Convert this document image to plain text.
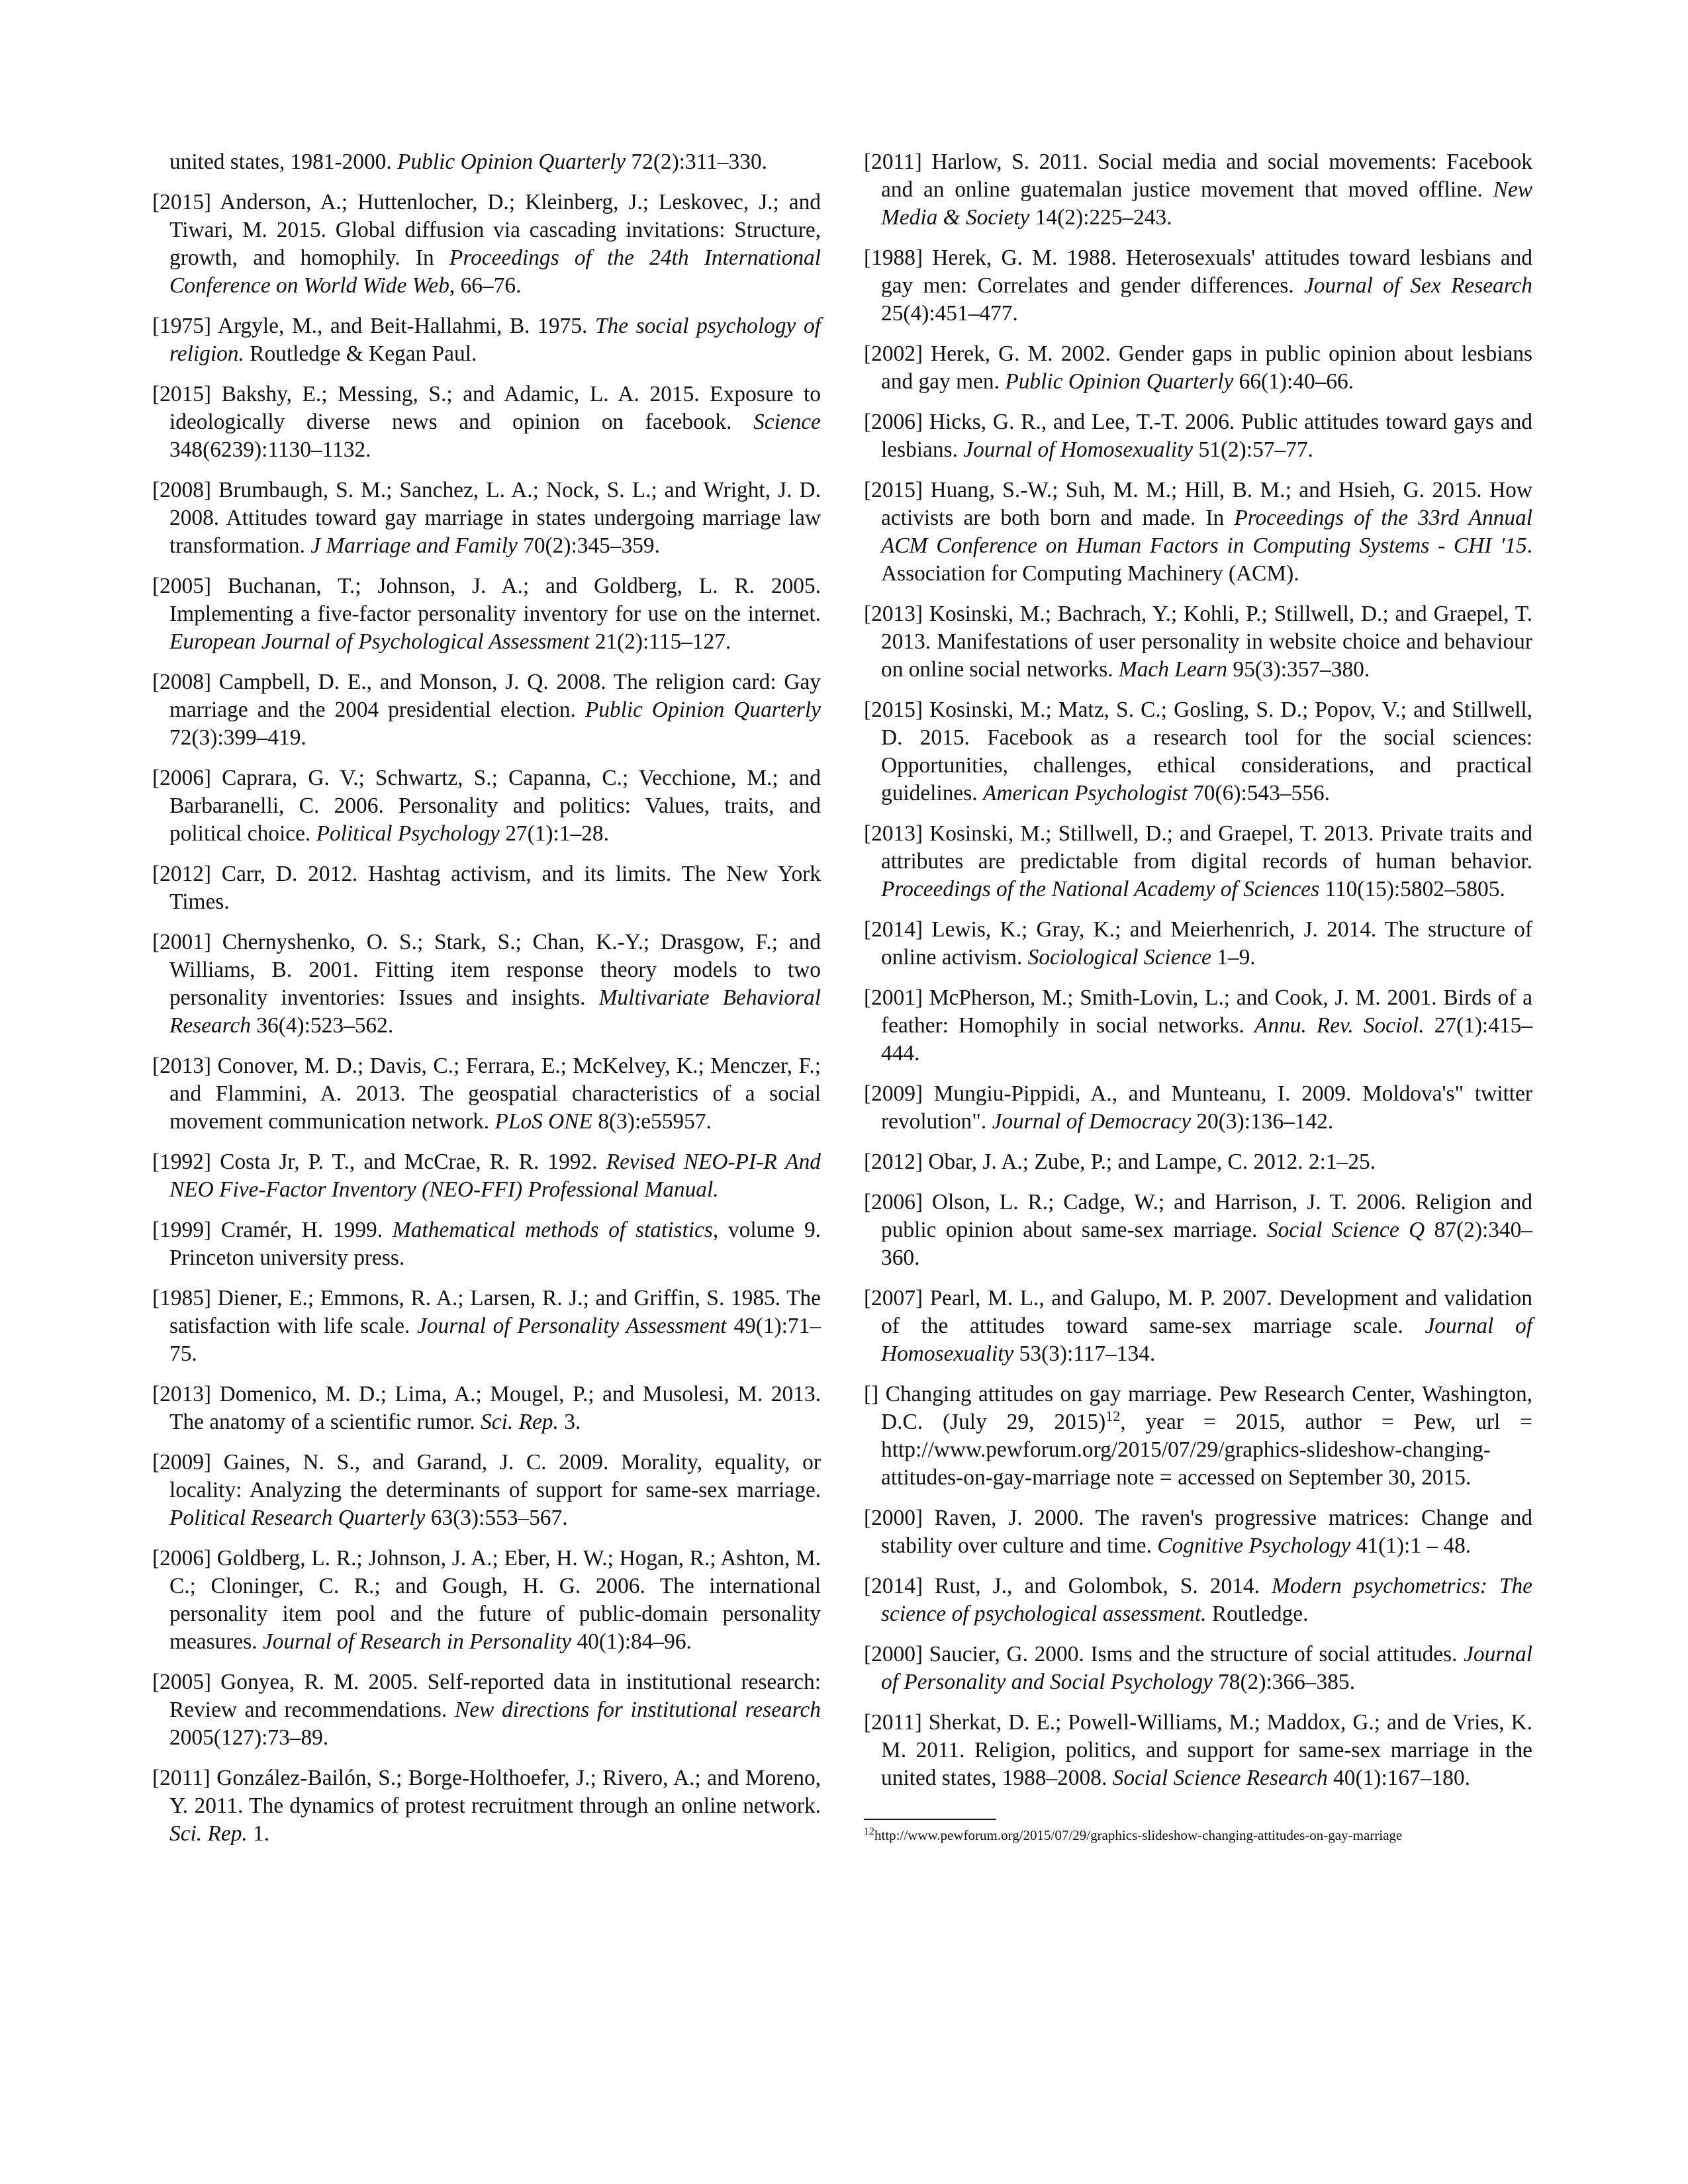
united states, 1981-2000. Public Opinion Quarterly 72(2):311–330.

[2015] Anderson, A.; Huttenlocher, D.; Kleinberg, J.; Leskovec, J.; and Tiwari, M. 2015. Global diffusion via cascading invitations: Structure, growth, and homophily. In Proceedings of the 24th International Conference on World Wide Web, 66–76.

[1975] Argyle, M., and Beit-Hallahmi, B. 1975. The social psychology of religion. Routledge & Kegan Paul.

[2015] Bakshy, E.; Messing, S.; and Adamic, L. A. 2015. Exposure to ideologically diverse news and opinion on facebook. Science 348(6239):1130–1132.

[2008] Brumbaugh, S. M.; Sanchez, L. A.; Nock, S. L.; and Wright, J. D. 2008. Attitudes toward gay marriage in states undergoing marriage law transformation. J Marriage and Family 70(2):345–359.

[2005] Buchanan, T.; Johnson, J. A.; and Goldberg, L. R. 2005. Implementing a five-factor personality inventory for use on the internet. European Journal of Psychological Assessment 21(2):115–127.

[2008] Campbell, D. E., and Monson, J. Q. 2008. The religion card: Gay marriage and the 2004 presidential election. Public Opinion Quarterly 72(3):399–419.

[2006] Caprara, G. V.; Schwartz, S.; Capanna, C.; Vecchione, M.; and Barbaranelli, C. 2006. Personality and politics: Values, traits, and political choice. Political Psychology 27(1):1–28.

[2012] Carr, D. 2012. Hashtag activism, and its limits. The New York Times.

[2001] Chernyshenko, O. S.; Stark, S.; Chan, K.-Y.; Drasgow, F.; and Williams, B. 2001. Fitting item response theory models to two personality inventories: Issues and insights. Multivariate Behavioral Research 36(4):523–562.

[2013] Conover, M. D.; Davis, C.; Ferrara, E.; McKelvey, K.; Menczer, F.; and Flammini, A. 2013. The geospatial characteristics of a social movement communication network. PLoS ONE 8(3):e55957.

[1992] Costa Jr, P. T., and McCrae, R. R. 1992. Revised NEO-PI-R And NEO Five-Factor Inventory (NEO-FFI) Professional Manual.

[1999] Cramér, H. 1999. Mathematical methods of statistics, volume 9. Princeton university press.

[1985] Diener, E.; Emmons, R. A.; Larsen, R. J.; and Griffin, S. 1985. The satisfaction with life scale. Journal of Personality Assessment 49(1):71–75.

[2013] Domenico, M. D.; Lima, A.; Mougel, P.; and Musolesi, M. 2013. The anatomy of a scientific rumor. Sci. Rep. 3.

[2009] Gaines, N. S., and Garand, J. C. 2009. Morality, equality, or locality: Analyzing the determinants of support for same-sex marriage. Political Research Quarterly 63(3):553–567.

[2006] Goldberg, L. R.; Johnson, J. A.; Eber, H. W.; Hogan, R.; Ashton, M. C.; Cloninger, C. R.; and Gough, H. G. 2006. The international personality item pool and the future of public-domain personality measures. Journal of Research in Personality 40(1):84–96.

[2005] Gonyea, R. M. 2005. Self-reported data in institutional research: Review and recommendations. New directions for institutional research 2005(127):73–89.

[2011] González-Bailón, S.; Borge-Holthoefer, J.; Rivero, A.; and Moreno, Y. 2011. The dynamics of protest recruitment through an online network. Sci. Rep. 1.

[2011] Harlow, S. 2011. Social media and social movements: Facebook and an online guatemalan justice movement that moved offline. New Media & Society 14(2):225–243.

[1988] Herek, G. M. 1988. Heterosexuals' attitudes toward lesbians and gay men: Correlates and gender differences. Journal of Sex Research 25(4):451–477.

[2002] Herek, G. M. 2002. Gender gaps in public opinion about lesbians and gay men. Public Opinion Quarterly 66(1):40–66.

[2006] Hicks, G. R., and Lee, T.-T. 2006. Public attitudes toward gays and lesbians. Journal of Homosexuality 51(2):57–77.

[2015] Huang, S.-W.; Suh, M. M.; Hill, B. M.; and Hsieh, G. 2015. How activists are both born and made. In Proceedings of the 33rd Annual ACM Conference on Human Factors in Computing Systems - CHI '15. Association for Computing Machinery (ACM).

[2013] Kosinski, M.; Bachrach, Y.; Kohli, P.; Stillwell, D.; and Graepel, T. 2013. Manifestations of user personality in website choice and behaviour on online social networks. Mach Learn 95(3):357–380.

[2015] Kosinski, M.; Matz, S. C.; Gosling, S. D.; Popov, V.; and Stillwell, D. 2015. Facebook as a research tool for the social sciences: Opportunities, challenges, ethical considerations, and practical guidelines. American Psychologist 70(6):543–556.

[2013] Kosinski, M.; Stillwell, D.; and Graepel, T. 2013. Private traits and attributes are predictable from digital records of human behavior. Proceedings of the National Academy of Sciences 110(15):5802–5805.

[2014] Lewis, K.; Gray, K.; and Meierhenrich, J. 2014. The structure of online activism. Sociological Science 1–9.

[2001] McPherson, M.; Smith-Lovin, L.; and Cook, J. M. 2001. Birds of a feather: Homophily in social networks. Annu. Rev. Sociol. 27(1):415–444.

[2009] Mungiu-Pippidi, A., and Munteanu, I. 2009. Moldova's" twitter revolution". Journal of Democracy 20(3):136–142.

[2012] Obar, J. A.; Zube, P.; and Lampe, C. 2012. 2:1–25.

[2006] Olson, L. R.; Cadge, W.; and Harrison, J. T. 2006. Religion and public opinion about same-sex marriage. Social Science Q 87(2):340–360.

[2007] Pearl, M. L., and Galupo, M. P. 2007. Development and validation of the attitudes toward same-sex marriage scale. Journal of Homosexuality 53(3):117–134.

[] Changing attitudes on gay marriage. Pew Research Center, Washington, D.C. (July 29, 2015)$^{12}$, year = 2015, author = Pew, url = http://www.pewforum.org/2015/07/29/graphics-slideshow-changing- attitudes-on-gay-marriage note = accessed on September 30, 2015.

[2000] Raven, J. 2000. The raven's progressive matrices: Change and stability over culture and time. Cognitive Psychology 41(1):1 – 48.

[2014] Rust, J., and Golombok, S. 2014. Modern psychometrics: The science of psychological assessment. Routledge.

[2000] Saucier, G. 2000. Isms and the structure of social attitudes. Journal of Personality and Social Psychology 78(2):366–385.

[2011] Sherkat, D. E.; Powell-Williams, M.; Maddox, G.; and de Vries, K. M. 2011. Religion, politics, and support for same-sex marriage in the united states, 1988–2008. Social Science Research 40(1):167–180.

$^{12}$http://www.pewforum.org/2015/07/29/graphics-slideshow-changing-attitudes-on-gay-marriage
